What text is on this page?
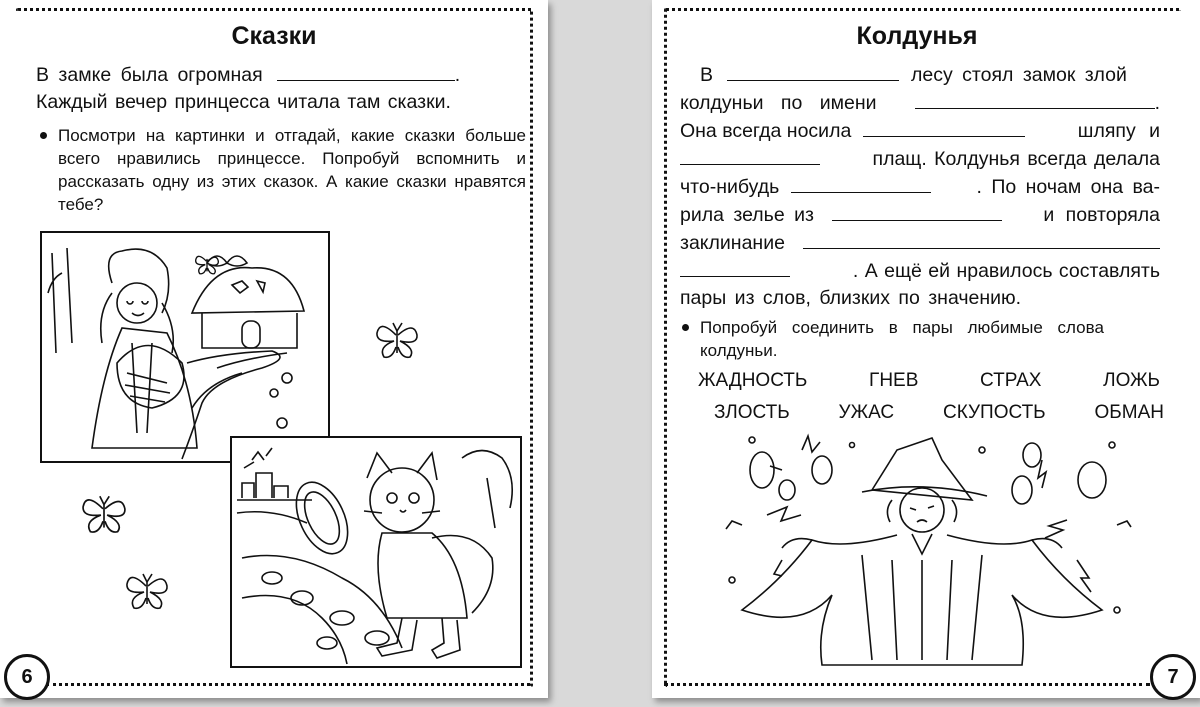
6
Сказки
В замке была огромная	.
Каждый вечер принцесса читала там сказки.
Посмотри на картинки и отгадай, какие сказки больше всего нравились принцессе. Попробуй вспомнить и рассказать одну из этих сказок. А какие сказки нравятся тебе?
7
Колдунья
В	лесу стоял замок злой
колдуньи по имени	.
Она всегда носила	шляпу и
плащ. Колдунья всегда делала
что-нибудь	. По ночам она ва-
рила зелье из	и повторяла
заклинание
. А ещё ей нравилось составлять
пары из слов, близких по значению.
Попробуй соединить в пары любимые слова колдуньи.
ЖАДНОСТЬ	ГНЕВ	СТРАХ	ЛОЖЬ
ЗЛОСТЬ	УЖАС	СКУПОСТЬ	ОБМАН
